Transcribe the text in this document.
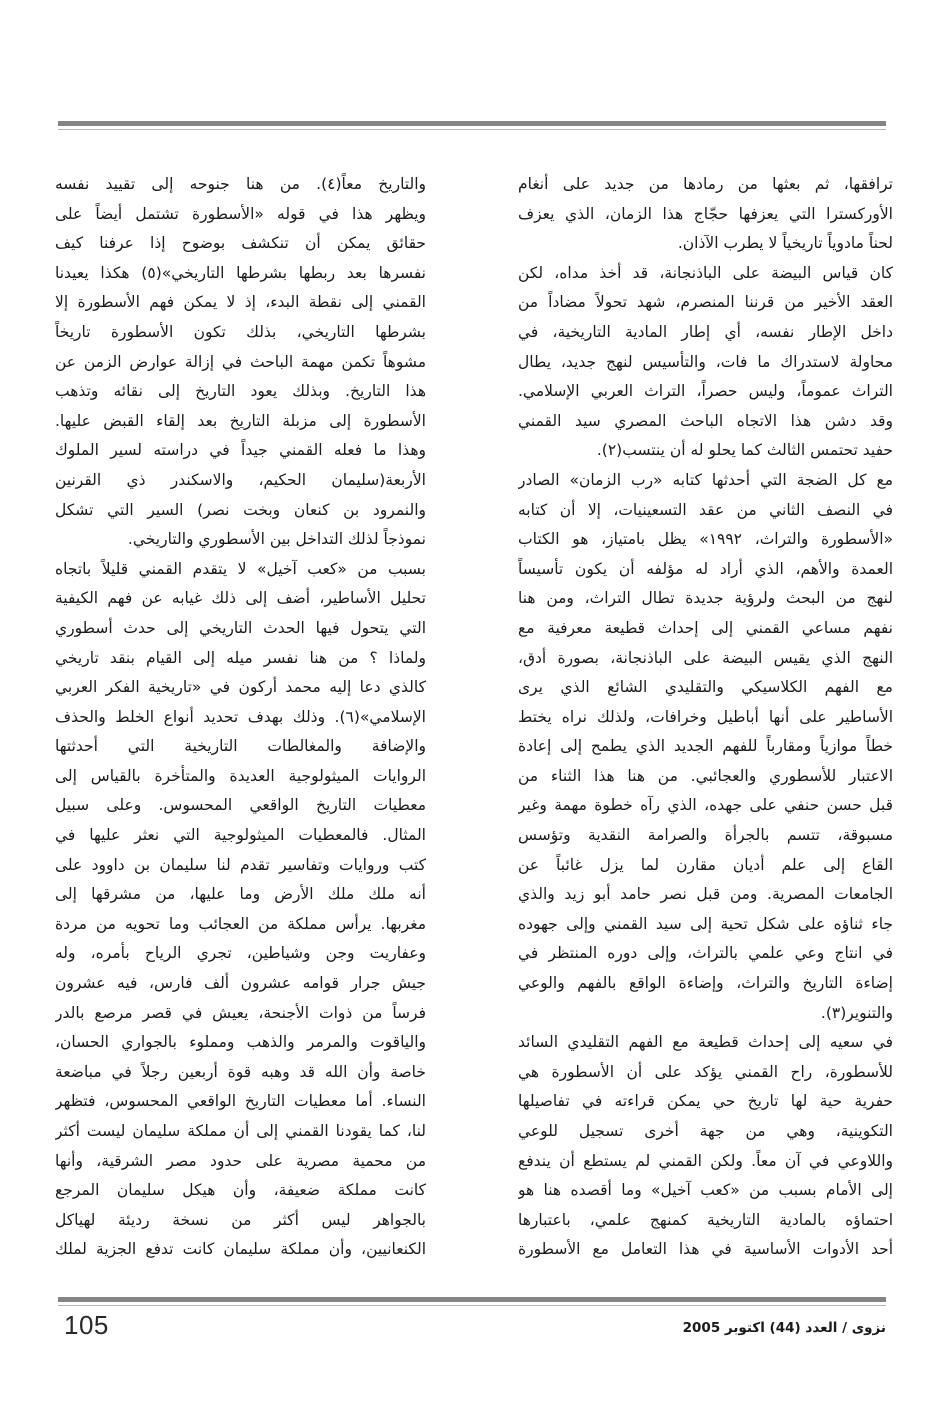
ترافقها، ثم بعثها من رمادها من جديد على أنغام
الأوركسترا التي يعزفها حجّاج هذا الزمان، الذي يعزف
لحناً مادوياً تاريخياً لا يطرب الآذان.
كان قياس البيضة على الباذنجانة، قد أخذ مداه، لكن
العقد الأخير من قرننا المنصرم، شهد تحولاً مضاداً من
داخل الإطار نفسه، أي إطار المادية التاريخية، في
محاولة لاستدراك ما فات، والتأسيس لنهج جديد، يطال
التراث عموماً، وليس حصراً، التراث العربي الإسلامي.
وقد دشن هذا الاتجاه الباحث المصري سيد القمني
حفيد تحتمس الثالث كما يحلو له أن ينتسب(٢).
مع كل الضجة التي أحدثها كتابه «رب الزمان» الصادر
في النصف الثاني من عقد التسعينيات، إلا أن كتابه
«الأسطورة والتراث، ١٩٩٢» يظل بامتياز، هو الكتاب
العمدة والأهم، الذي أراد له مؤلفه أن يكون تأسيساً
لنهج من البحث ولرؤية جديدة تطال التراث، ومن هنا
نفهم مساعي القمني إلى إحداث قطيعة معرفية مع
النهج الذي يقيس البيضة على الباذنجانة، بصورة أدق،
مع الفهم الكلاسيكي والتقليدي الشائع الذي يرى
الأساطير على أنها أباطيل وخرافات، ولذلك نراه يختط
خطاً موازياً ومقارباً للفهم الجديد الذي يطمح إلى إعادة
الاعتبار للأسطوري والعجائبي. من هنا هذا الثناء من
قبل حسن حنفي على جهده، الذي رآه خطوة مهمة وغير
مسبوقة، تتسم بالجرأة والصرامة النقدية وتؤسس
القاع إلى علم أديان مقارن لما يزل غائباً عن
الجامعات المصرية. ومن قبل نصر حامد أبو زيد والذي
جاء ثناؤه على شكل تحية إلى سيد القمني وإلى جهوده
في انتاج وعي علمي بالتراث، وإلى دوره المنتظر في
إضاءة التاريخ والتراث، وإضاءة الواقع بالفهم والوعي
والتنوير(٣).
في سعيه إلى إحداث قطيعة مع الفهم التقليدي السائد
للأسطورة، راح القمني يؤكد على أن الأسطورة هي
حفرية حية لها تاريخ حي يمكن قراءته في تفاصيلها
التكوينية، وهي من جهة أخرى تسجيل للوعي
واللاوعي في آن معاً. ولكن القمني لم يستطع أن يندفع
إلى الأمام بسبب من «كعب آخيل» وما أقصده هنا هو
احتماؤه بالمادية التاريخية كمنهج علمي، باعتبارها
أحد الأدوات الأساسية في هذا التعامل مع الأسطورة
والتاريخ معاً(٤). من هنا جنوحه إلى تقييد نفسه
ويظهر هذا في قوله «الأسطورة تشتمل أيضاً على
حقائق يمكن أن تنكشف بوضوح إذا عرفنا كيف
نفسرها بعد ربطها بشرطها التاريخي»(٥) هكذا يعيدنا
القمني إلى نقطة البدء، إذ لا يمكن فهم الأسطورة إلا
بشرطها التاريخي، بذلك تكون الأسطورة تاريخاً
مشوهاً تكمن مهمة الباحث في إزالة عوارض الزمن عن
هذا التاريخ. وبذلك يعود التاريخ إلى نقائه وتذهب
الأسطورة إلى مزبلة التاريخ بعد إلقاء القبض عليها.
وهذا ما فعله القمني جيداً في دراسته لسير الملوك
الأربعة(سليمان الحكيم، والاسكندر ذي القرنين
والنمرود بن كنعان وبخت نصر) السير التي تشكل
نموذجاً لذلك التداخل بين الأسطوري والتاريخي.
بسبب من «كعب آخيل» لا يتقدم القمني قليلاً باتجاه
تحليل الأساطير، أضف إلى ذلك غيابه عن فهم الكيفية
التي يتحول فيها الحدث التاريخي إلى حدث أسطوري
ولماذا ؟ من هنا نفسر ميله إلى القيام بنقد تاريخي
كالذي دعا إليه محمد أركون في «تاريخية الفكر العربي
الإسلامي»(٦). وذلك بهدف تحديد أنواع الخلط والحذف
والإضافة والمغالطات التاريخية التي أحدثتها
الروايات الميثولوجية العديدة والمتأخرة بالقياس إلى
معطيات التاريخ الواقعي المحسوس. وعلى سبيل
المثال. فالمعطيات الميثولوجية التي نعثر عليها في
كتب وروايات وتفاسير تقدم لنا سليمان بن داوود على
أنه ملك ملك الأرض وما عليها، من مشرقها إلى
مغربها. يرأس مملكة من العجائب وما تحويه من مردة
وعفاريت وجن وشياطين، تجري الرياح بأمره، وله
جيش جرار قوامه عشرون ألف فارس، فيه عشرون
فرساً من ذوات الأجنحة، يعيش في قصر مرصع بالدر
والياقوت والمرمر والذهب ومملوء بالجواري الحسان،
خاصة وأن الله قد وهبه قوة أربعين رجلاً في مباضعة
النساء. أما معطيات التاريخ الواقعي المحسوس، فتظهر
لنا، كما يقودنا القمني إلى أن مملكة سليمان ليست أكثر
من محمية مصرية على حدود مصر الشرقية، وأنها
كانت مملكة ضعيفة، وأن هيكل سليمان المرجع
بالجواهر ليس أكثر من نسخة رديئة لهياكل
الكنعانيين، وأن مملكة سليمان كانت تدفع الجزية لملك
105	نزوى / العدد (44) اكتوبر 2005
